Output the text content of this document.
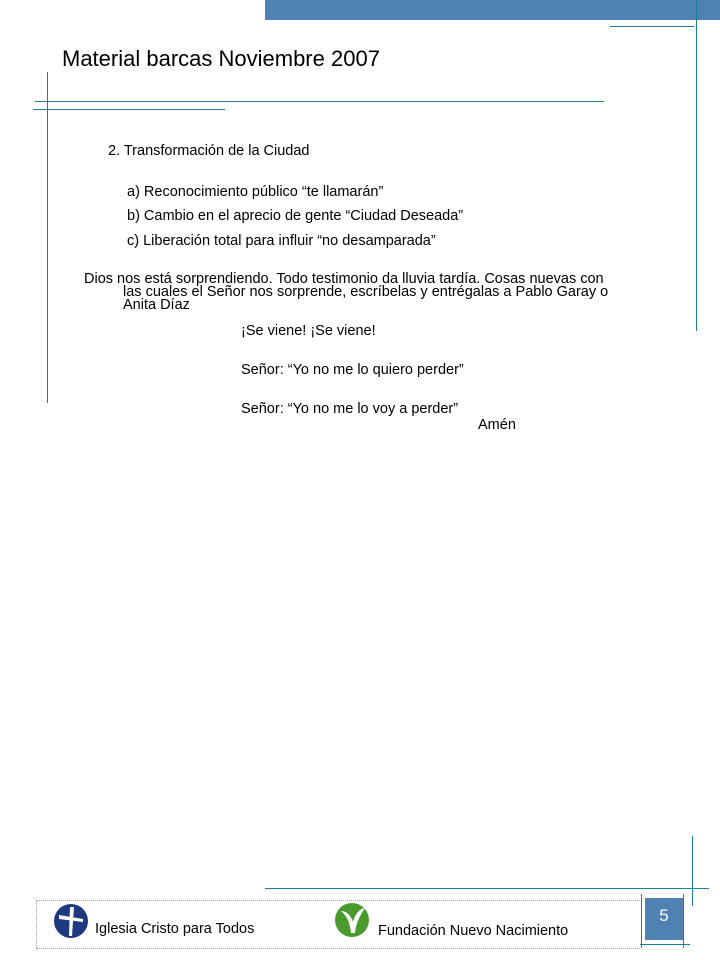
Material barcas Noviembre 2007
2. Transformación de la Ciudad
a) Reconocimiento público “te llamarán”
b) Cambio en el aprecio de gente “Ciudad Deseada”
c) Liberación total para influir “no desamparada”
Dios nos está sorprendiendo. Todo testimonio da lluvia tardía. Cosas nuevas con
las cuales el Señor nos sorprende, escríbelas y entrégalas a Pablo Garay o
Anita Díaz
¡Se viene! ¡Se viene!
Señor: “Yo no me lo quiero perder”
Señor: “Yo no me lo voy a perder”
Amén
Iglesia Cristo para Todos	Fundación Nuevo Nacimiento
5
